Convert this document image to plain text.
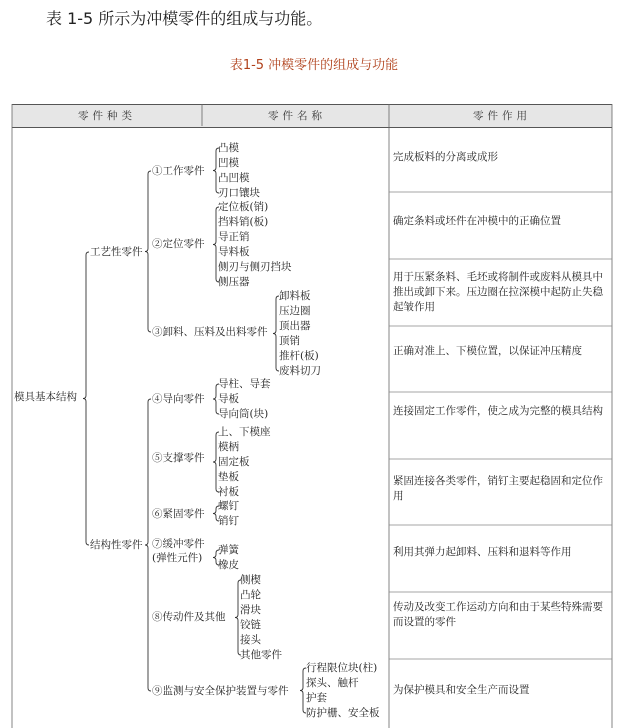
表 1-5 所示为冲模零件的组成与功能。
表1-5 冲模零件的组成与功能
零件种类	零件名称	零件作用
模具基本结构
工艺性零件
①工作零件
凸模
凹模
凸凹模
刃口镶块
②定位零件
定位板(销)
挡料销(板)
导正销
导料板
侧刃与侧刃挡块
侧压器
③卸料、压料及出料零件
卸料板
压边圈
顶出器
顶销
推杆(板)
废料切刀
结构性零件
④导向零件
导柱、导套
导板
导向筒(块)
⑤支撑零件
上、下模座
模柄
固定板
垫板
衬板
⑥紧固零件
螺钉
销钉
⑦缓冲零件
(弹性元件)
弹簧
橡皮
⑧传动件及其他
侧楔
凸轮
滑块
铰链
接头
其他零件
⑨监测与安全保护装置与零件
行程限位块(柱)
探头、触杆
护套
防护栅、安全板
完成板料的分离或成形
确定条料或坯件在冲模中的正确位置
用于压紧条料、毛坯或将制件或废料从模具中推出或卸下来。压边圈在拉深模中起防止失稳起皱作用
正确对准上、下模位置，以保证冲压精度
连接固定工作零件，使之成为完整的模具结构
紧固连接各类零件，销钉主要起稳固和定位作用
利用其弹力起卸料、压料和退料等作用
传动及改变工作运动方向和由于某些特殊需要而设置的零件
为保护模具和安全生产而设置
